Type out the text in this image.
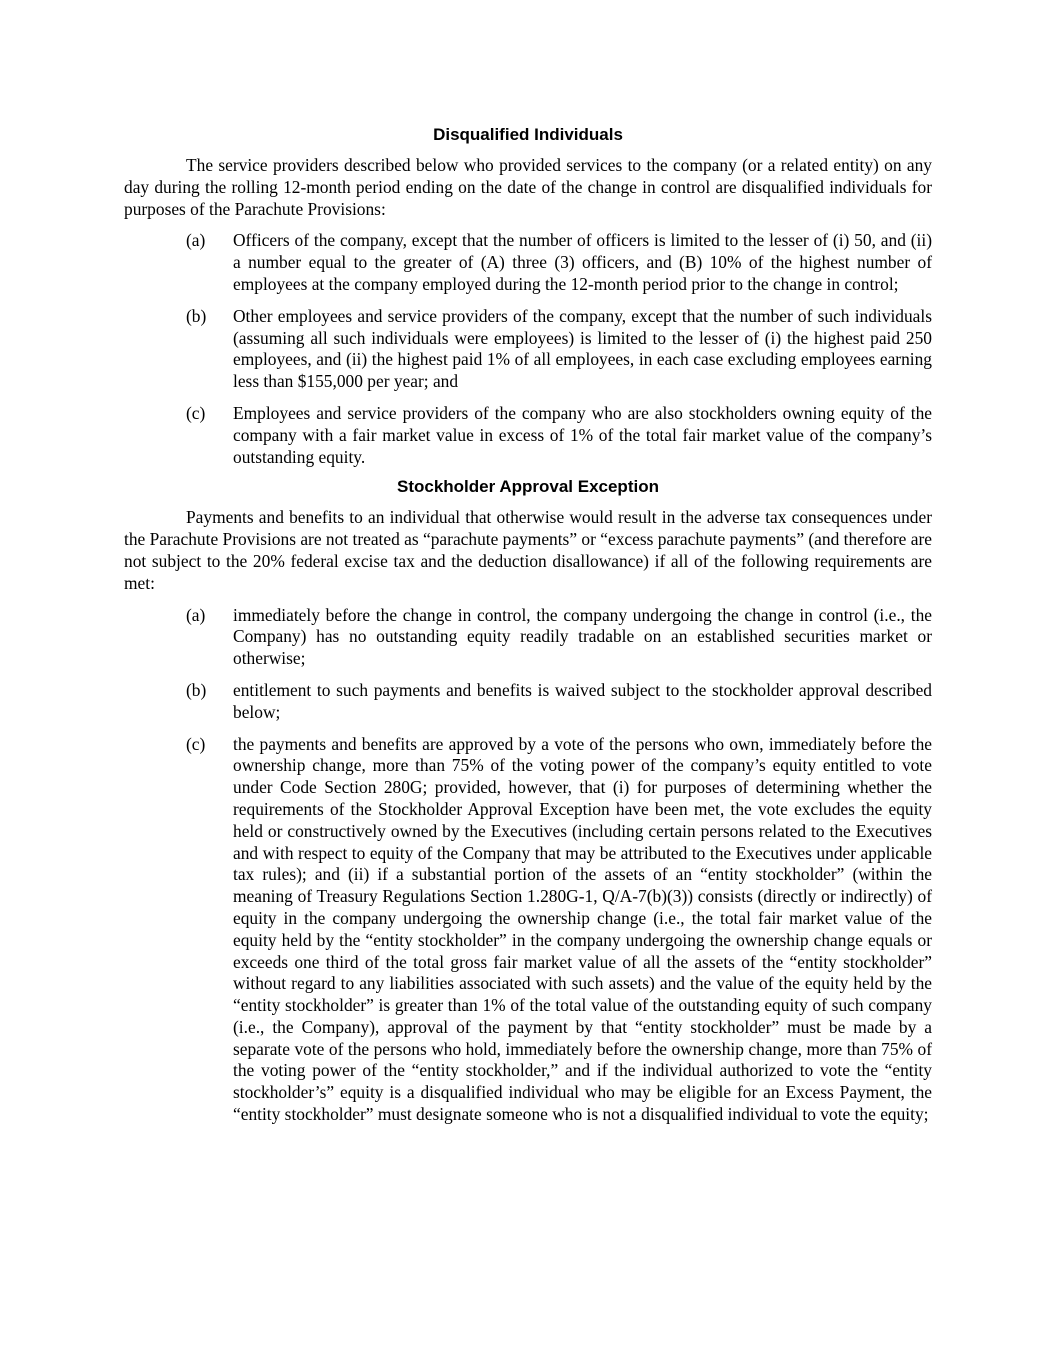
Disqualified Individuals

The service providers described below who provided services to the company (or a related entity) on any day during the rolling 12-month period ending on the date of the change in control are disqualified individuals for purposes of the Parachute Provisions:

(a) Officers of the company, except that the number of officers is limited to the lesser of (i) 50, and (ii) a number equal to the greater of (A) three (3) officers, and (B) 10% of the highest number of employees at the company employed during the 12-month period prior to the change in control;
(b) Other employees and service providers of the company, except that the number of such individuals (assuming all such individuals were employees) is limited to the lesser of (i) the highest paid 250 employees, and (ii) the highest paid 1% of all employees, in each case excluding employees earning less than $155,000 per year; and
(c) Employees and service providers of the company who are also stockholders owning equity of the company with a fair market value in excess of 1% of the total fair market value of the company’s outstanding equity.
Stockholder Approval Exception

Payments and benefits to an individual that otherwise would result in the adverse tax consequences under the Parachute Provisions are not treated as “parachute payments” or “excess parachute payments” (and therefore are not subject to the 20% federal excise tax and the deduction disallowance) if all of the following requirements are met:

(a) immediately before the change in control, the company undergoing the change in control (i.e., the Company) has no outstanding equity readily tradable on an established securities market or otherwise;
(b) entitlement to such payments and benefits is waived subject to the stockholder approval described below;
(c) the payments and benefits are approved by a vote of the persons who own, immediately before the ownership change, more than 75% of the voting power of the company’s equity entitled to vote under Code Section 280G; provided, however, that (i) for purposes of determining whether the requirements of the Stockholder Approval Exception have been met, the vote excludes the equity held or constructively owned by the Executives (including certain persons related to the Executives and with respect to equity of the Company that may be attributed to the Executives under applicable tax rules); and (ii) if a substantial portion of the assets of an “entity stockholder” (within the meaning of Treasury Regulations Section 1.280G-1, Q/A-7(b)(3)) consists (directly or indirectly) of equity in the company undergoing the ownership change (i.e., the total fair market value of the equity held by the “entity stockholder” in the company undergoing the ownership change equals or exceeds one third of the total gross fair market value of all the assets of the “entity stockholder” without regard to any liabilities associated with such assets) and the value of the equity held by the “entity stockholder” is greater than 1% of the total value of the outstanding equity of such company (i.e., the Company), approval of the payment by that “entity stockholder” must be made by a separate vote of the persons who hold, immediately before the ownership change, more than 75% of the voting power of the “entity stockholder,” and if the individual authorized to vote the “entity stockholder’s” equity is a disqualified individual who may be eligible for an Excess Payment, the “entity stockholder” must designate someone who is not a disqualified individual to vote the equity;
